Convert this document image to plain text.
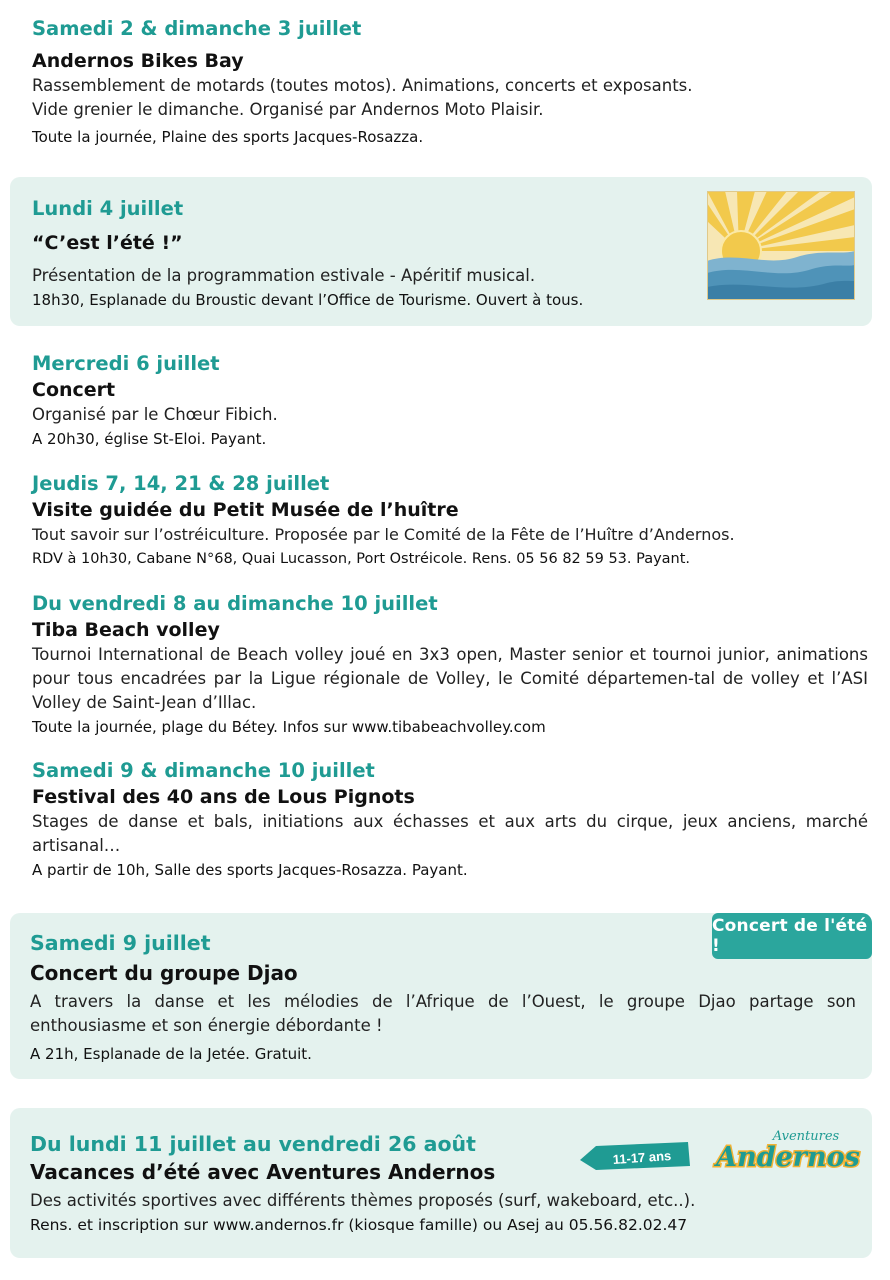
Samedi 2 & dimanche 3 juillet

Andernos Bikes Bay

Rassemblement de motards (toutes motos). Animations, concerts et exposants.

Vide grenier le dimanche. Organisé par Andernos Moto Plaisir.

Toute la journée, Plaine des sports Jacques-Rosazza.

Lundi 4 juillet

“C’est l’été !”

Présentation de la programmation estivale - Apéritif musical.

18h30, Esplanade du Broustic devant l’Office de Tourisme. Ouvert à tous.

Mercredi 6 juillet

Concert

Organisé par le Chœur Fibich.

A 20h30, église St-Eloi. Payant.

Jeudis 7, 14, 21 & 28 juillet

Visite guidée du Petit Musée de l’huître

Tout savoir sur l’ostréiculture. Proposée par le Comité de la Fête de l’Huître d’Andernos.

RDV à 10h30, Cabane N°68, Quai Lucasson, Port Ostréicole. Rens. 05 56 82 59 53. Payant.

Du vendredi 8 au dimanche 10 juillet

Tiba Beach volley

Tournoi International de Beach volley joué en 3x3 open, Master senior et tournoi junior, animations pour tous encadrées par la Ligue régionale de Volley, le Comité départemen-tal de volley et l’ASI Volley de Saint-Jean d’Illac.

Toute la journée, plage du Bétey. Infos sur www.tibabeachvolley.com

Samedi 9 & dimanche 10 juillet

Festival des 40 ans de Lous Pignots

Stages de danse et bals, initiations aux échasses et aux arts du cirque, jeux anciens, marché artisanal…

A partir de 10h, Salle des sports Jacques-Rosazza. Payant.

Concert de l'été !

Samedi 9 juillet

Concert du groupe Djao

A travers la danse et les mélodies de l’Afrique de l’Ouest, le groupe Djao partage son enthousiasme et son énergie débordante !

A 21h, Esplanade de la Jetée. Gratuit.

Du lundi 11 juillet au vendredi 26 août

Vacances d’été avec Aventures Andernos

Des activités sportives avec différents thèmes proposés (surf, wakeboard, etc..).

Rens. et inscription sur www.andernos.fr (kiosque famille) ou Asej au 05.56.82.02.47

11-17 ans
Aventures
Andernos
